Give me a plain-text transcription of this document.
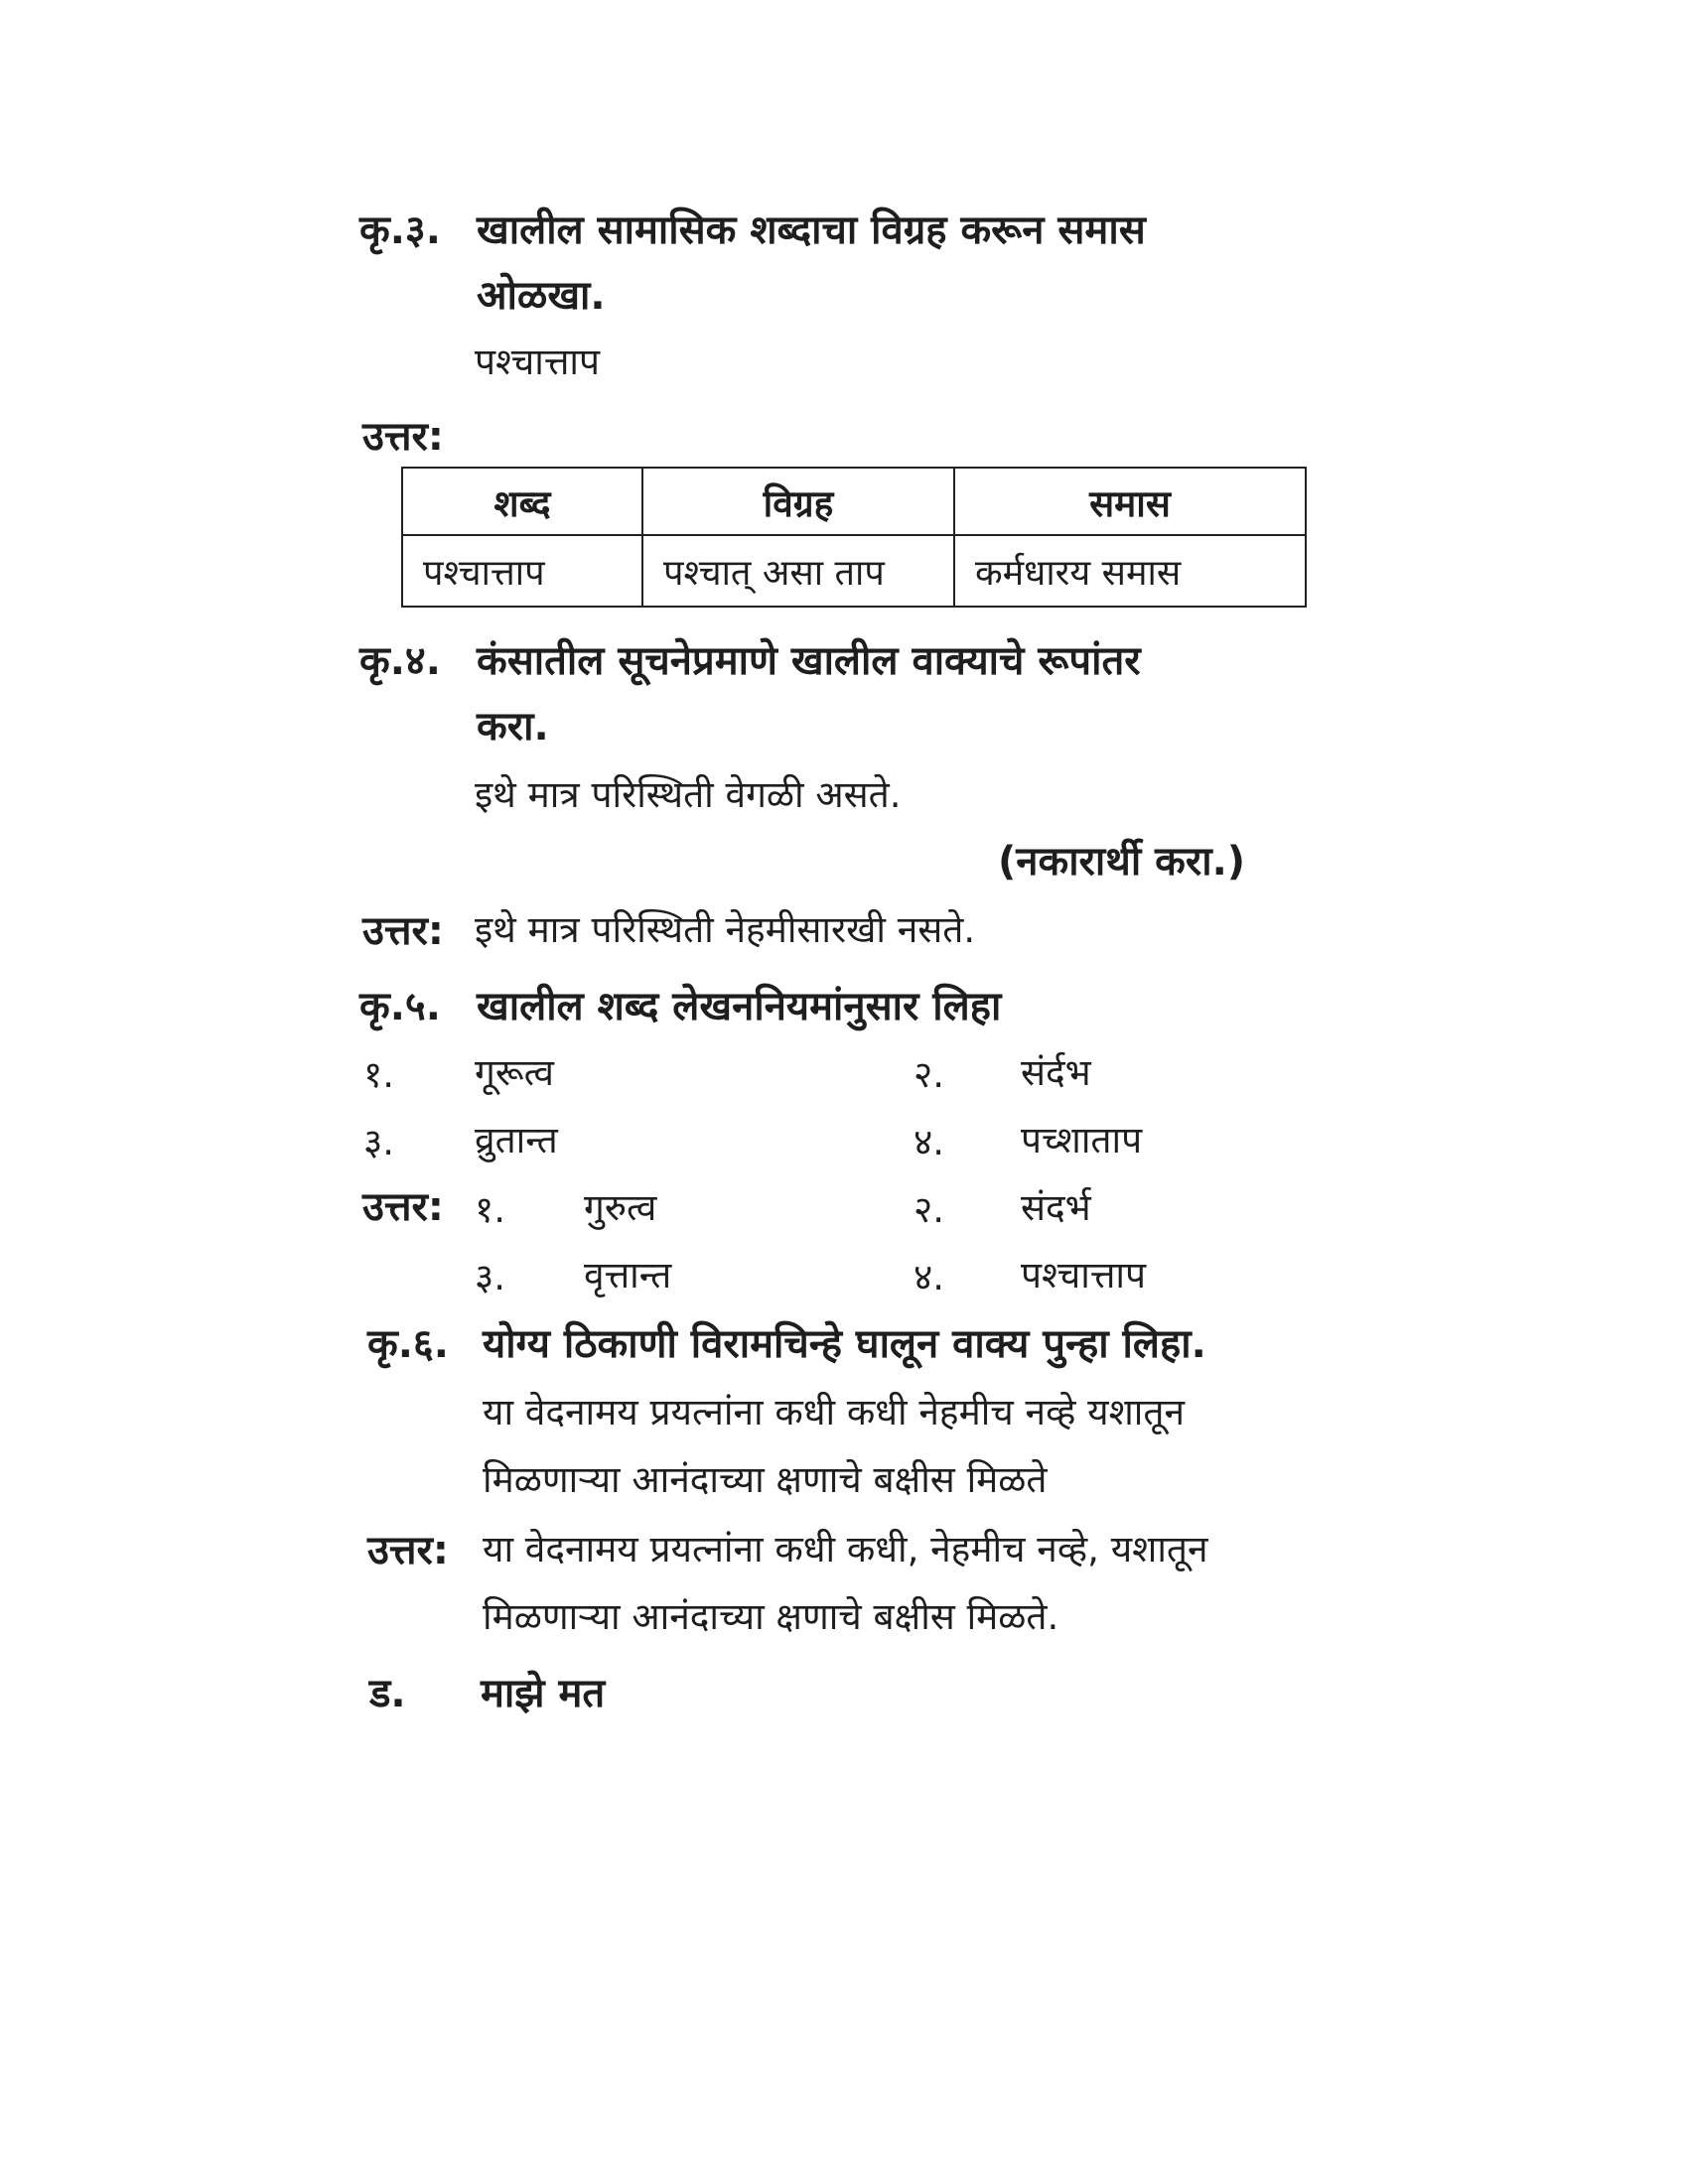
कृ.३. खालील सामासिक शब्दाचा विग्रह करून समास
ओळखा.
पश्चात्ताप
उत्तर:
शब्द	विग्रह	समास
पश्चात्ताप	पश्चात् असा ताप	कर्मधारय समास
कृ.४. कंसातील सूचनेप्रमाणे खालील वाक्याचे रूपांतर
करा.
इथे मात्र परिस्थिती वेगळी असते.
(नकारार्थी करा.)
उत्तर: इथे मात्र परिस्थिती नेहमीसारखी नसते.
कृ.५. खालील शब्द लेखननियमांनुसार लिहा
१. गूरूत्व	२. संर्दभ
३. व्रुतान्त	४. पच्शाताप
उत्तर: १. गुरुत्व	२. संदर्भ
३. वृत्तान्त	४. पश्चात्ताप
कृ.६. योग्य ठिकाणी विरामचिन्हे घालून वाक्य पुन्हा लिहा.
या वेदनामय प्रयत्नांना कधी कधी नेहमीच नव्हे यशातून
मिळणाऱ्या आनंदाच्या क्षणाचे बक्षीस मिळते
उत्तर: या वेदनामय प्रयत्नांना कधी कधी, नेहमीच नव्हे, यशातून
मिळणाऱ्या आनंदाच्या क्षणाचे बक्षीस मिळते.
ड. माझे मत
